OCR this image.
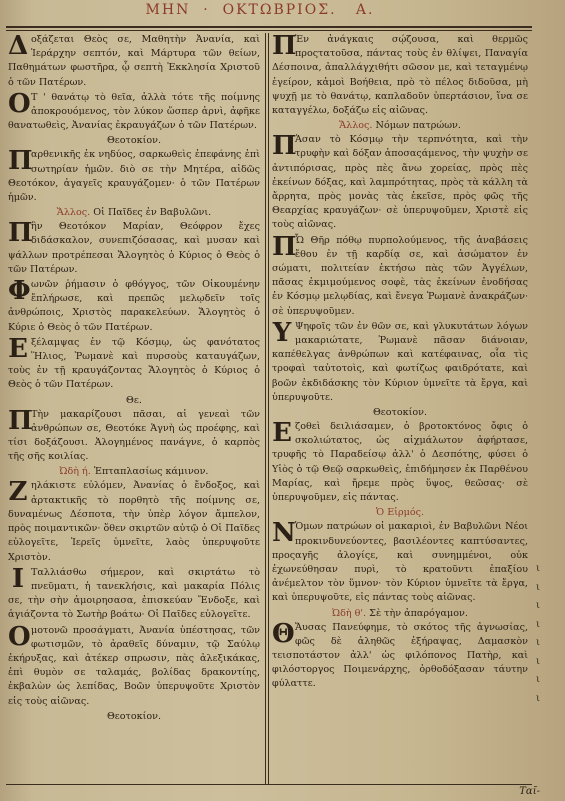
ΜΗΝ  ·  ΟΚΤΩΒΡΙΟΣ. Α.

Δοξάζεται Θεὸς σε, Μαθητὴν Ἀνανία, καὶ Ἱεράρχην σεπτόν, καὶ Μάρτυρα τῶν θείων, Παθημάτων φωστῆρα, ᾧ σεπτὴ Ἐκκλησία Χριστοῦ ὁ τῶν Πατέρων.

Ο Τ ' θανάτῳ τὸ θεῖα, ἀλλὰ τότε τῆς ποίμνης ἀποκρουόμενος, τὸν λύκον ὥσπερ ἀρνὶ, ἀφῆκε θανατωθεὶς, Ἀνανίας ἐκραυγάζων ὁ τῶν Πατέρων.

Θεοτοκίον.

Π
αρθενικῆς ἐκ νηδύος, σαρκωθεὶς ἐπεφάνης ἐπὶ σωτηρίαν ἡμῶν. διὸ σε τὴν Μητέρα, αἰδῶς Θεοτόκον, ἀγαγεῖς κραυγάζομεν· ὁ τῶν Πατέρων ἡμῶν.

Ἄλλος. Οἱ Παῖδες ἐν Βαβυλῶνι.

Π
ἣν Θεοτόκον Μαρίαν, Θεόφρον ἔχες διδάσκαλον, συνεπιζόσασας, καὶ μυσαν καὶ ψάλλων προτρέπεσαι Ἄλογητὸς ὁ Κύριος ὁ Θεὸς ὁ τῶν Πατέρων.

Φωνῶν ῥήμασιν ὁ φθόγγος, τῶν Οἰκουμένην ἔπλήρωσε, καὶ πρεπῶς μελῳδεῖν τοῖς ἀνθρώποις, Χριστὸς παρακελεύων. Ἄλογητὸς ὁ Κύριε ὁ Θεὸς ὁ τῶν Πατέρων.

Εξέλαμψας ἐν τῷ Κόσμῳ, ὡς φανότατος Ἥλιος, Ῥωμανὲ καὶ πυρσοὺς καταυγάζων, τοὺς ἐν τῇ κραυγάζοντας Ἄλογητὸς ὁ Κύριος ὁ Θεὸς ὁ τῶν Πατέρων.

Θε.

Π
Τὴν μακαρίζουσι πᾶσαι, αἱ γενεαὶ τῶν ἀνθρώπων σε, Θεοτόκε Ἁγνὴ ὡς προέφης, καὶ τίσι δοξάζουσι. Ἀλογημένος πανάγνε, ὁ καρπὸς τῆς σῆς κοιλίας.

Ὠδὴ ή. Ἑπταπλασίως κάμινον.

Ζηλάκιστε εὐλόμεν, Ἀνανίας ὁ ἔνδοξος, καὶ ἀρτακτικῆς τὸ πορθητὸ τῆς ποίμνης σε, δυναμένως Δέσποτα, τὴν ὑπὲρ λόγον ἄμπελον, πρὸς ποιμαντικῶν· ὅθεν σκιρτῶν αὐτῷ ὁ Οἱ Παῖδες εὐλογεῖτε, Ἱερεῖς ὑμνεῖτε, λαὸς ὑπερυψοῦτε Χριστὸν.

Ι Ταλλιάσθω σήμερον, καὶ σκιρτάτω τὸ πνεῦματι, ἡ τανεκλήσις, καὶ μακαρία Πόλις σε, τὴν σὴν ἀμοιρησασα, ἐπισκεύαν Ἔνδοξε, καὶ ἁγιάζοντα τὸ Σωτὴρ βοάτω· Οἱ Παῖδες εὐλογεῖτε.

Ομοτονῶ προσάγματι, Ἀνανία ὑπέστησας, τῶν φωτισμῶν, τὸ ἀραθεῖς δύναμιν, τῷ Σαύλῳ ἐκήρυξας, καὶ ἀτέκερ σπρωσιν, πὰς ἀλεξικάκας, ἐπὶ θυμὸν σε ταλαμάς, βολίδας δρακοντίης, ἐκβαλὼν ὡς λεπίδας, Βοῶν ὑπερυψοῦτε Χριστὸν εἰς τοὺς αἰῶνας.

Θεοτοκίον.

Π
Ἐν ἀνάγκαις σῴζουσα, καὶ θερμῶς προςτατοῦσα, πάντας τοὺς ἐν θλίψει, Παναγία Δέσποινα, ἀπαλλάγχιθήτι σῶσον με, καὶ τεταγμένῳ ἐγείρον, κἀμοὶ Βοήθεια, πρὸ τὸ πέλος διδοῦσα, μὴ ψυχῇ με τὸ θανάτῳ, καπλαδοῦν ὑπερτάσιον, ἵνα σε καταγγέλω, δοξάζω εἰς αἰῶνας.

Ἄλλος. Νόμων πατρώων.

Π
Ἁσαν τὸ Κόσμῳ τὴν τερπνότητα, καὶ τὴν τρυφὴν καὶ δόξαν ἀποσαςάμενος, τὴν ψυχὴν σε ἀντιπόρισας, πρὸς πὲς ἄνω χορείας, πρὸς πὲς ἐκείνων δόξας, καὶ λαμπρότητας, πρὸς τὰ κάλλη τὰ ἄρρητα, πρὸς μονὰς τὰς ἐκεῖσε, πρὸς φῶς τῆς Θεαρχίας κραυγάζων· σὲ ὑπερυψοῦμεν, Χριστὲ εἰς τοὺς αἰῶνας.

Π
Ὦ Θῆρ πόθῳ πυρπολούμενος, τῆς ἀναβάσεις ἔθου ἐν τῇ καρδίᾳ σε, καὶ ἀσώματον ἐν σώματι, πολιτείαν ἐκτήσω πὰς τῶν Ἀγγέλων, πᾶσας ἐκμιμούμενος σοφὲ, τὰς ἐκείνων ἐνοδήσας ἐν Κόσμῳ μελῳδίας, καὶ ἔνεγα Ῥωμανὲ ἀνακράζων· σὲ ὑπερυψοῦμεν.

Υ Ψηφοῖς τῶν ἐν θῶν σε, καὶ γλυκυτάτων λόγων μακαριώτατε, Ῥωμανὲ πᾶσαν διάνοιαν, καπέθελγας ἀνθρώπων καὶ κατέφαινας, οἷα τὶς τροφαὶ ταὐτοτοὶς, καὶ φωτίζως φαιδρότατε, καὶ βοῶν ἐκδιδάσκης τὸν Κύριον ὑμνεῖτε τὰ ἔργα, καὶ ὑπερυψοῦτε.

Θεοτοκίον.

Εζοθεὶ δειλιάσαμεν, ὁ βροτοκτόνος ὄφις ὁ σκολιώτατος, ὡς αἰχμάλωτον ἀφήρτασε, τρυφῆς τὸ Παραδείσῳ ἀλλ' ὁ Δεσπότης, φύσει ὁ Υἱὸς ὁ τῷ Θεῷ σαρκωθεὶς, ἐπιδήμησεν ἐκ Παρθένου Μαρίας, καὶ ἤρεμε πρὸς ὕψος, θεῶσας· σὲ ὑπερυψοῦμεν, εἰς πάντας.

Ὁ Εἱρμός.

Ν Ὁμων πατρώων οἱ μακαριοὶ, ἐν Βαβυλῶνι Νέοι προκινδυνεύοντες, βασιλέοντες καπτύσαντες, προςαγῆς ἀλογίςε, καὶ συνημμένοι, οὐκ ἐχωνεύθησαν πυρὶ, τὸ κρατοῦντι ἐπαξίου ἀνέμελτον τὸν ὕμνον· τὸν Κύριον ὑμνεῖτε τὰ ἔργα, καὶ ὑπερυψοῦτε, εἰς πάντας τοὺς αἰῶνας.

Ὠδὴ θ'. Σὲ τὴν ἀπαρόγαμον.

Θ Ἄυσας Πανεύφημε, τὸ σκότος τῆς ἀγνωσίας, φῶς δὲ ἀληθῶς ἐξήραψας, Δαμασκὸν τεισποτάστον ἀλλ' ὡς φιλόπονος Πατὴρ, καὶ φιλόστοργος Ποιμενάρχης, ὀρθοδόξασαν τάυτην φύλαττε.

ι
ι
ι
ι
ι
ι
ι
ι
Ταῖ-
